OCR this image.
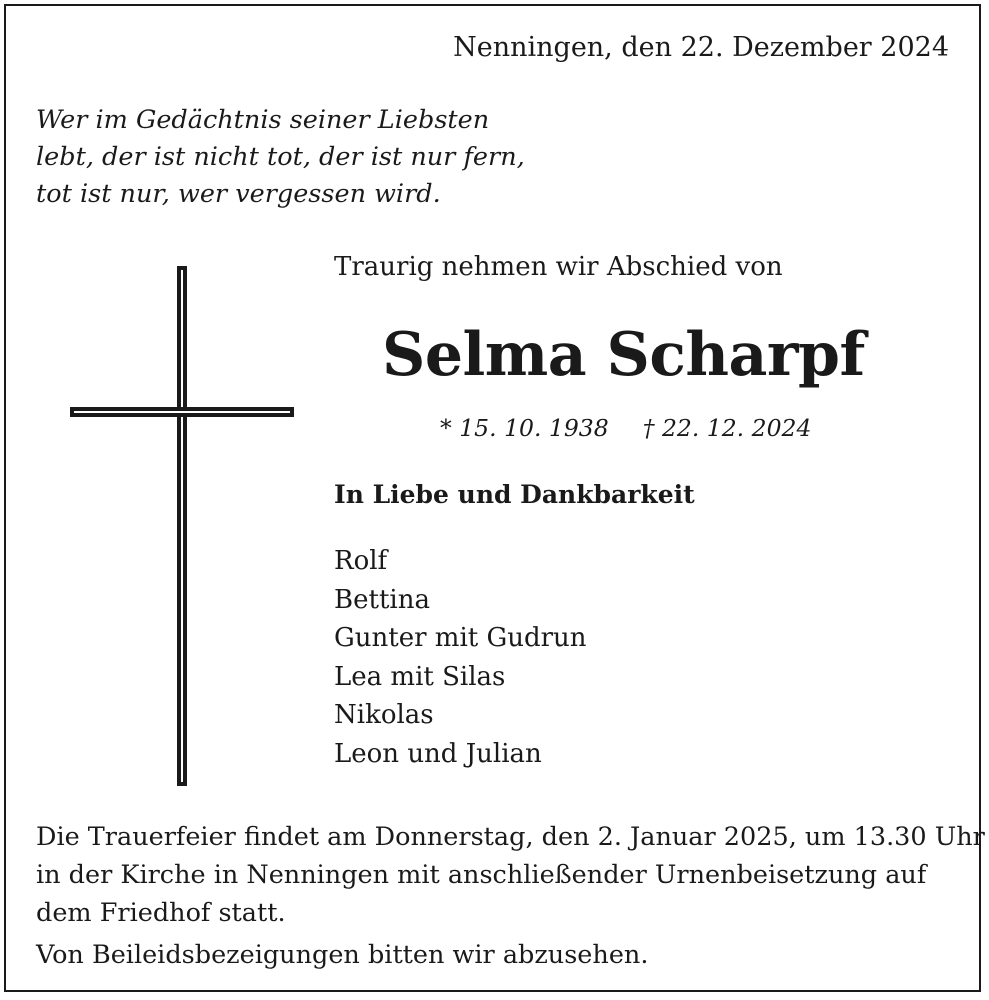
Nenningen, den 22. Dezember 2024
Wer im Gedächtnis seiner Liebsten
lebt, der ist nicht tot, der ist nur fern,
tot ist nur, wer vergessen wird.
Traurig nehmen wir Abschied von
Selma Scharpf
* 15. 10. 1938 † 22. 12. 2024
In Liebe und Dankbarkeit
Rolf
Bettina
Gunter mit Gudrun
Lea mit Silas
Nikolas
Leon und Julian
Die Trauerfeier findet am Donnerstag, den 2. Januar 2025, um 13.30 Uhr
in der Kirche in Nenningen mit anschließender Urnenbeisetzung auf
dem Friedhof statt.
Von Beileidsbezeigungen bitten wir abzusehen.
